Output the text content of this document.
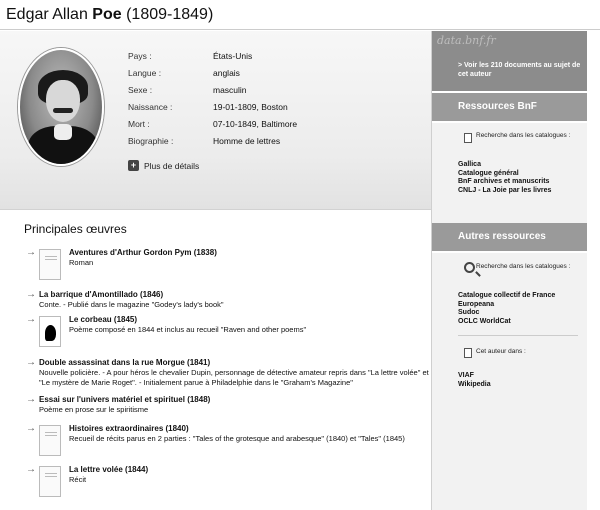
Edgar Allan Poe (1809-1849)
Pays :	États-Unis
Langue :	anglais
Sexe :	masculin
Naissance :	19-01-1809, Boston
Mort :	07-10-1849, Baltimore
Biographie :	Homme de lettres
+ Plus de détails
Principales œuvres
→	Aventures d'Arthur Gordon Pym (1838)
Roman
→ La barrique d'Amontillado (1846)
Conte. - Publié dans le magazine "Godey's lady's book"
→	Le corbeau (1845)
Poème composé en 1844 et inclus au recueil "Raven and other poems"
→ Double assassinat dans la rue Morgue (1841)
Nouvelle policière. - A pour héros le chevalier Dupin, personnage de détective amateur repris dans "La lettre volée" et "Le mystère de Marie Roget". - Initialement parue à Philadelphie dans le "Graham's Magazine"
→ Essai sur l'univers matériel et spirituel (1848)
Poème en prose sur le spiritisme
→	Histoires extraordinaires (1840)
Recueil de récits parus en 2 parties : "Tales of the grotesque and arabesque" (1840) et "Tales" (1845)
→	La lettre volée (1844)
Récit
data.bnf.fr
> Voir les 210 documents au sujet de cet auteur
Ressources BnF
Recherche dans les catalogues :
Gallica
Catalogue général
BnF archives et manuscrits
CNLJ - La Joie par les livres
Autres ressources
Recherche dans les catalogues :
Catalogue collectif de France
Europeana
Sudoc
OCLC WorldCat
Cet auteur dans :
VIAF
Wikipedia
